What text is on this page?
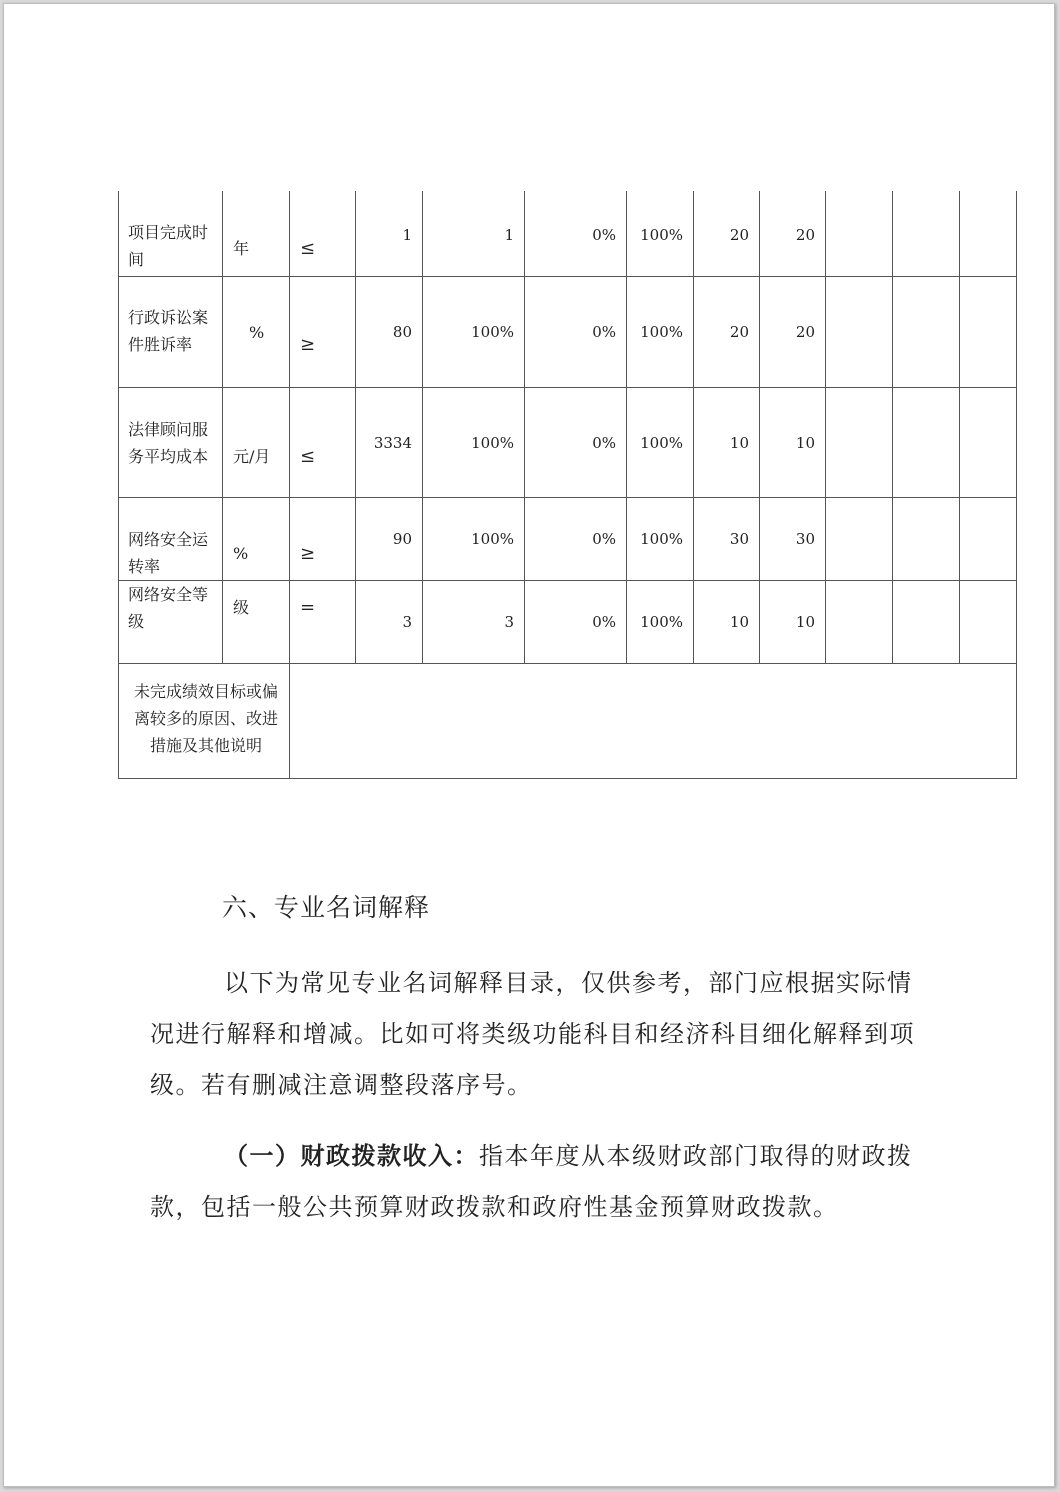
项目完成时间	年	≤	1	1	0%	100%	20	20			
行政诉讼案件胜诉率	%	≥	80	100%	0%	100%	20	20			
法律顾问服务平均成本	元/月	≤	3334	100%	0%	100%	10	10			
网络安全运转率	%	≥	90	100%	0%	100%	30	30			
网络安全等级	级	=	3	3	0%	100%	10	10			
未完成绩效目标或偏离较多的原因、改进措施及其他说明											
六、专业名词解释

以下为常见专业名词解释目录，仅供参考，部门应根据实际情况进行解释和增减。比如可将类级功能科目和经济科目细化解释到项级。若有删减注意调整段落序号。

（一）财政拨款收入：指本年度从本级财政部门取得的财政拨款，包括一般公共预算财政拨款和政府性基金预算财政拨款。
